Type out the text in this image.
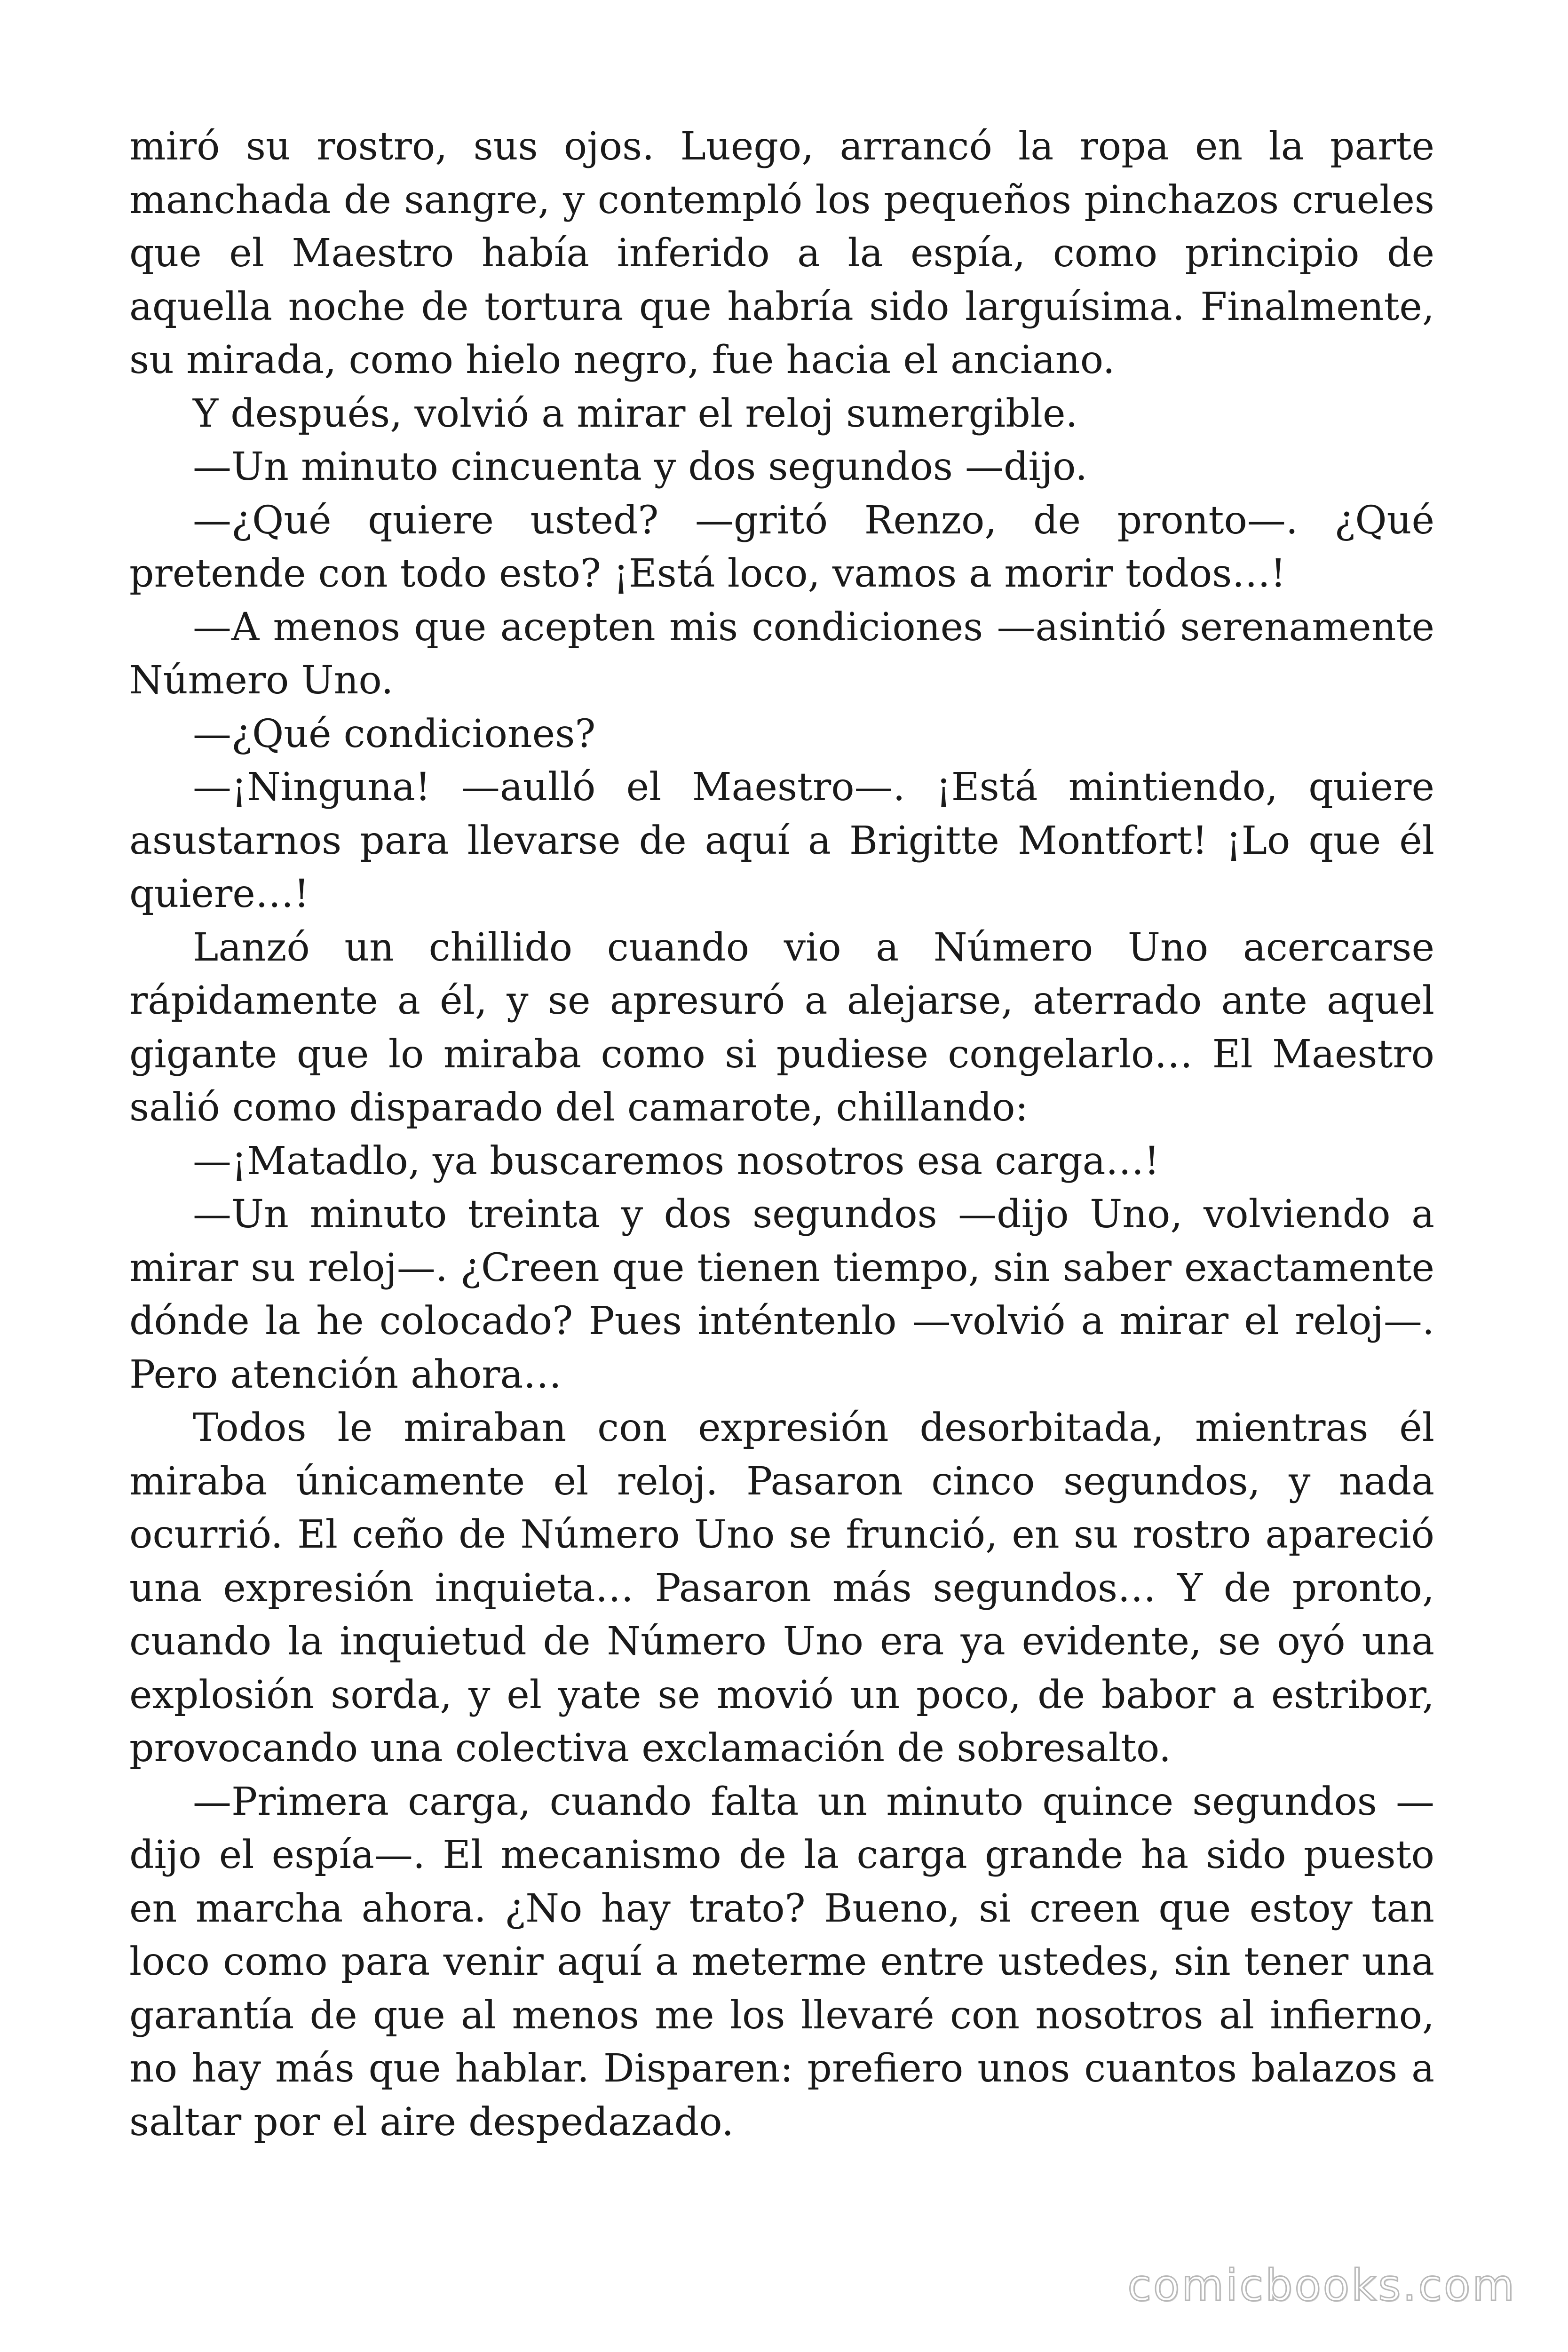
miró su rostro, sus ojos. Luego, arrancó la ropa en la parte manchada de sangre, y contempló los pequeños pinchazos crueles que el Maestro había inferido a la espía, como principio de aquella noche de tortura que habría sido larguísima. Finalmente, su mirada, como hielo negro, fue hacia el anciano.

Y después, volvió a mirar el reloj sumergible.

—Un minuto cincuenta y dos segundos —dijo.

—¿Qué quiere usted? —gritó Renzo, de pronto—. ¿Qué pretende con todo esto? ¡Está loco, vamos a morir todos…!

—A menos que acepten mis condiciones —asintió serenamente Número Uno.

—¿Qué condiciones?

—¡Ninguna! —aulló el Maestro—. ¡Está mintiendo, quiere asustarnos para llevarse de aquí a Brigitte Montfort! ¡Lo que él quiere…!

Lanzó un chillido cuando vio a Número Uno acercarse rápidamente a él, y se apresuró a alejarse, aterrado ante aquel gigante que lo miraba como si pudiese congelarlo… El Maestro salió como disparado del camarote, chillando:

—¡Matadlo, ya buscaremos nosotros esa carga…!

—Un minuto treinta y dos segundos —dijo Uno, volviendo a mirar su reloj—. ¿Creen que tienen tiempo, sin saber exactamente dónde la he colocado? Pues inténtenlo —volvió a mirar el reloj—. Pero atención ahora…

Todos le miraban con expresión desorbitada, mientras él miraba únicamente el reloj. Pasaron cinco segundos, y nada ocurrió. El ceño de Número Uno se frunció, en su rostro apareció una expresión inquieta… Pasaron más segundos… Y de pronto, cuando la inquietud de Número Uno era ya evidente, se oyó una explosión sorda, y el yate se movió un poco, de babor a estribor, provocando una colectiva exclamación de sobresalto.

—Primera carga, cuando falta un minuto quince segundos —dijo el espía—. El mecanismo de la carga grande ha sido puesto en marcha ahora. ¿No hay trato? Bueno, si creen que estoy tan loco como para venir aquí a meterme entre ustedes, sin tener una garantía de que al menos me los llevaré con nosotros al infierno, no hay más que hablar. Disparen: prefiero unos cuantos balazos a saltar por el aire despedazado.

comicbooks.com
